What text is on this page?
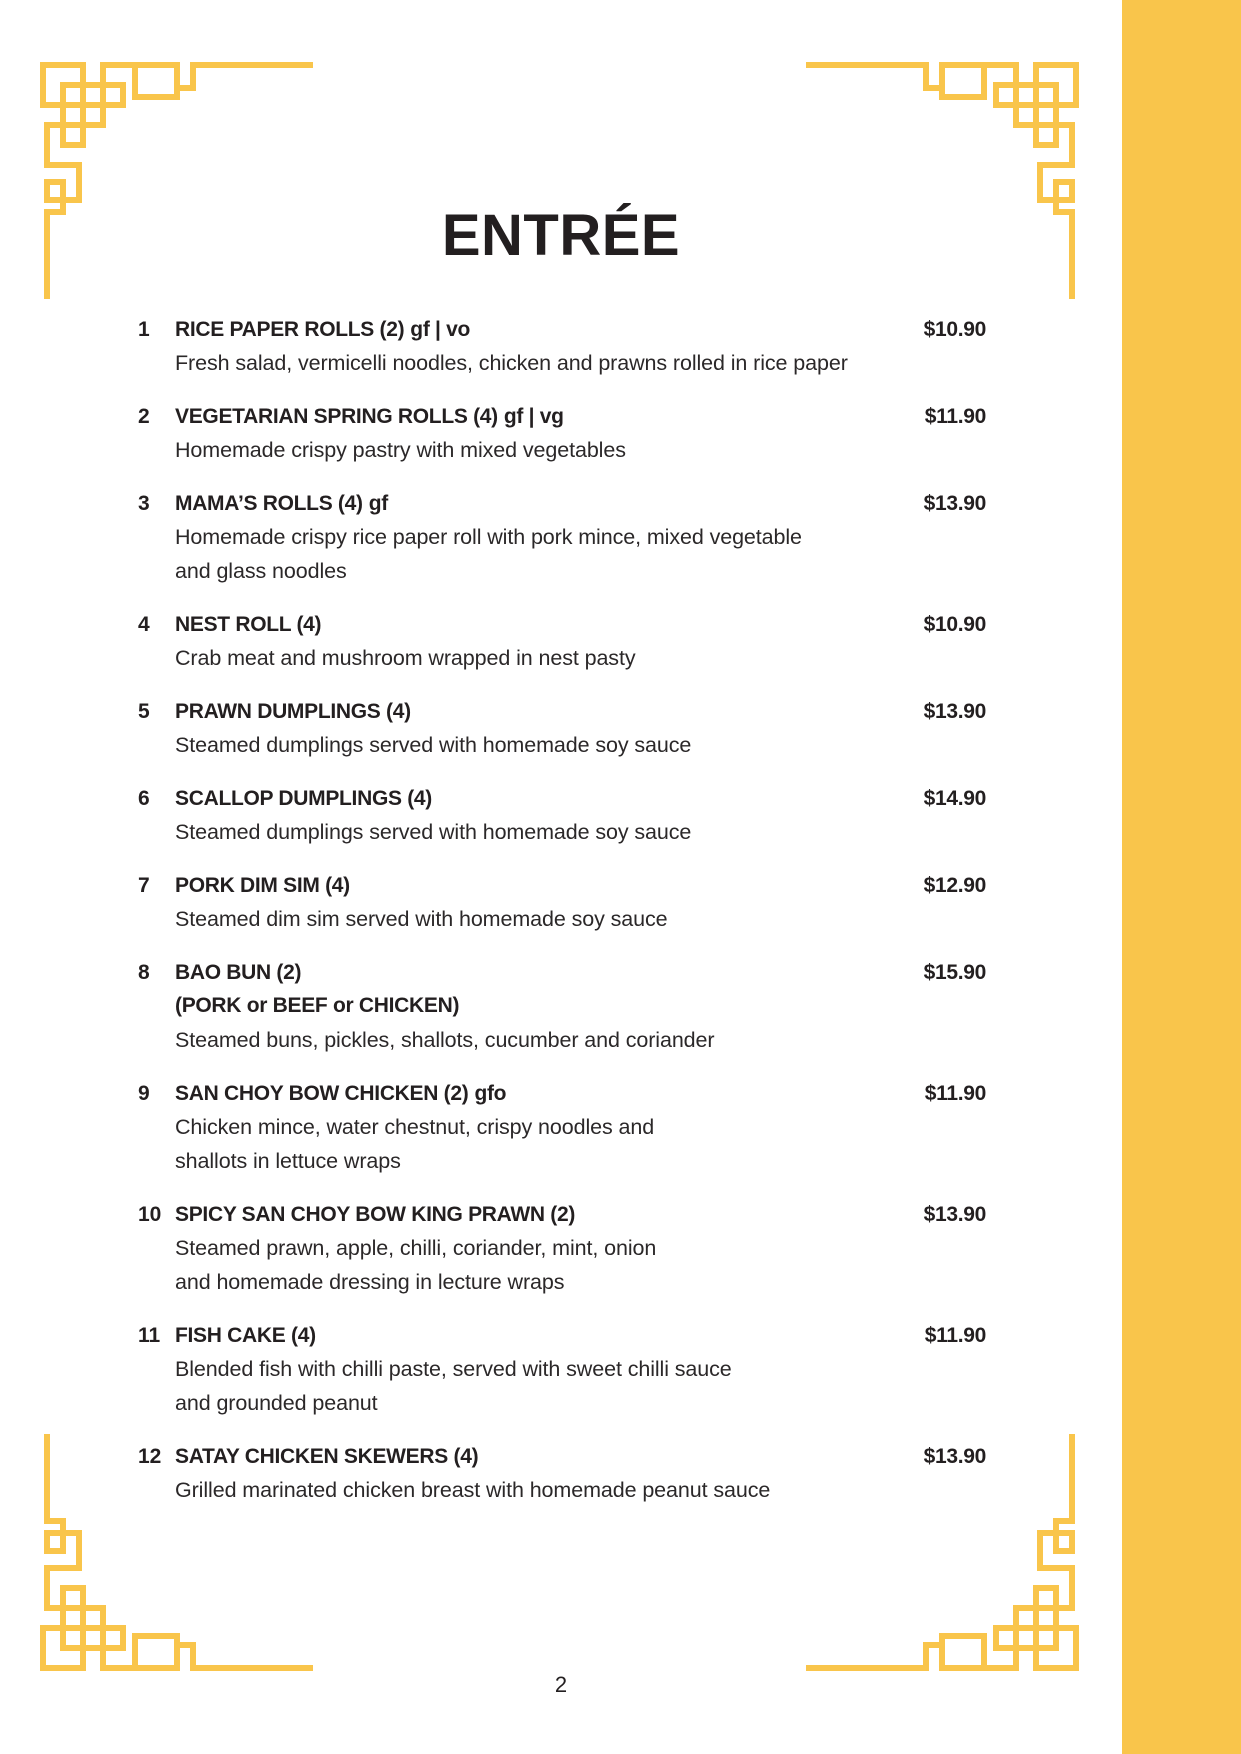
ENTRÉE
1 RICE PAPER ROLLS (2) gf | vo
Fresh salad, vermicelli noodles, chicken and prawns rolled in rice paper
$10.90
2 VEGETARIAN SPRING ROLLS (4) gf | vg
Homemade crispy pastry with mixed vegetables
$11.90
3 MAMA’S ROLLS (4) gf
Homemade crispy rice paper roll with pork mince, mixed vegetable
and glass noodles
$13.90
4 NEST ROLL (4)
Crab meat and mushroom wrapped in nest pasty
$10.90
5 PRAWN DUMPLINGS (4)
Steamed dumplings served with homemade soy sauce
$13.90
6 SCALLOP DUMPLINGS (4)
Steamed dumplings served with homemade soy sauce
$14.90
7 PORK DIM SIM (4)
Steamed dim sim served with homemade soy sauce
$12.90
8 BAO BUN (2)
(PORK or BEEF or CHICKEN)
Steamed buns, pickles, shallots, cucumber and coriander
$15.90
9 SAN CHOY BOW CHICKEN (2) gfo
Chicken mince, water chestnut, crispy noodles and
shallots in lettuce wraps
$11.90
10 SPICY SAN CHOY BOW KING PRAWN (2)
Steamed prawn, apple, chilli, coriander, mint, onion
and homemade dressing in lecture wraps
$13.90
11 FISH CAKE (4)
Blended fish with chilli paste, served with sweet chilli sauce
and grounded peanut
$11.90
12 SATAY CHICKEN SKEWERS (4)
Grilled marinated chicken breast with homemade peanut sauce
$13.90
2
